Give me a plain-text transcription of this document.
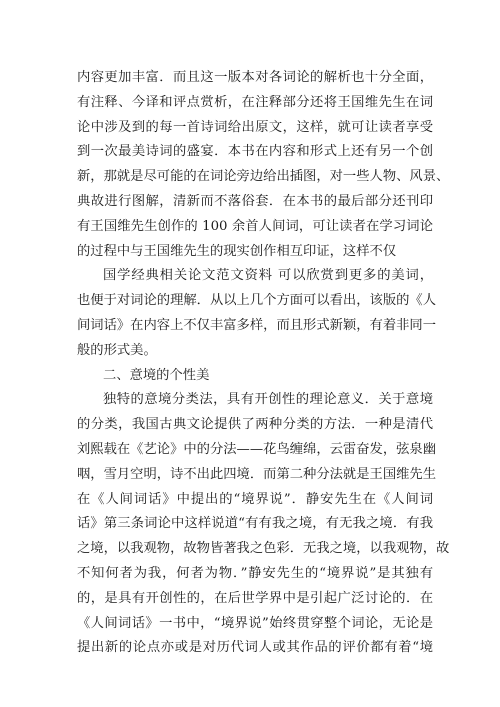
内容更加丰富．而且这一版本对各词论的解析也十分全面，
有注释、今译和评点赏析，在注释部分还将王国维先生在词
论中涉及到的每一首诗词给出原文，这样，就可让读者享受
到一次最美诗词的盛宴．本书在内容和形式上还有另一个创
新，那就是尽可能的在词论旁边给出插图，对一些人物、风景、
典故进行图解，清新而不落俗套．在本书的最后部分还刊印
有王国维先生创作的 100 余首人间词，可让读者在学习词论
的过程中与王国维先生的现实创作相互印证，这样不仅
国学经典相关论文范文资料 可以欣赏到更多的美词，
也便于对词论的理解．从以上几个方面可以看出，该版的《人
间词话》在内容上不仅丰富多样，而且形式新颖，有着非同一
般的形式美。
二、意境的个性美
独特的意境分类法，具有开创性的理论意义．关于意境
的分类，我国古典文论提供了两种分类的方法．一种是清代
刘熙载在《艺论》中的分法——花鸟缠绵，云雷奋发，弦泉幽
咽，雪月空明，诗不出此四境．而第二种分法就是王国维先生
在《人间词话》中提出的“境界说”．静安先生在《人间词
话》第三条词论中这样说道“有有我之境，有无我之境．有我
之境，以我观物，故物皆著我之色彩．无我之境，以我观物，故
不知何者为我，何者为物．”静安先生的“境界说”是其独有
的，是具有开创性的，在后世学界中是引起广泛讨论的．在
《人间词话》一书中，“境界说”始终贯穿整个词论，无论是
提出新的论点亦或是对历代词人或其作品的评价都有着“境
